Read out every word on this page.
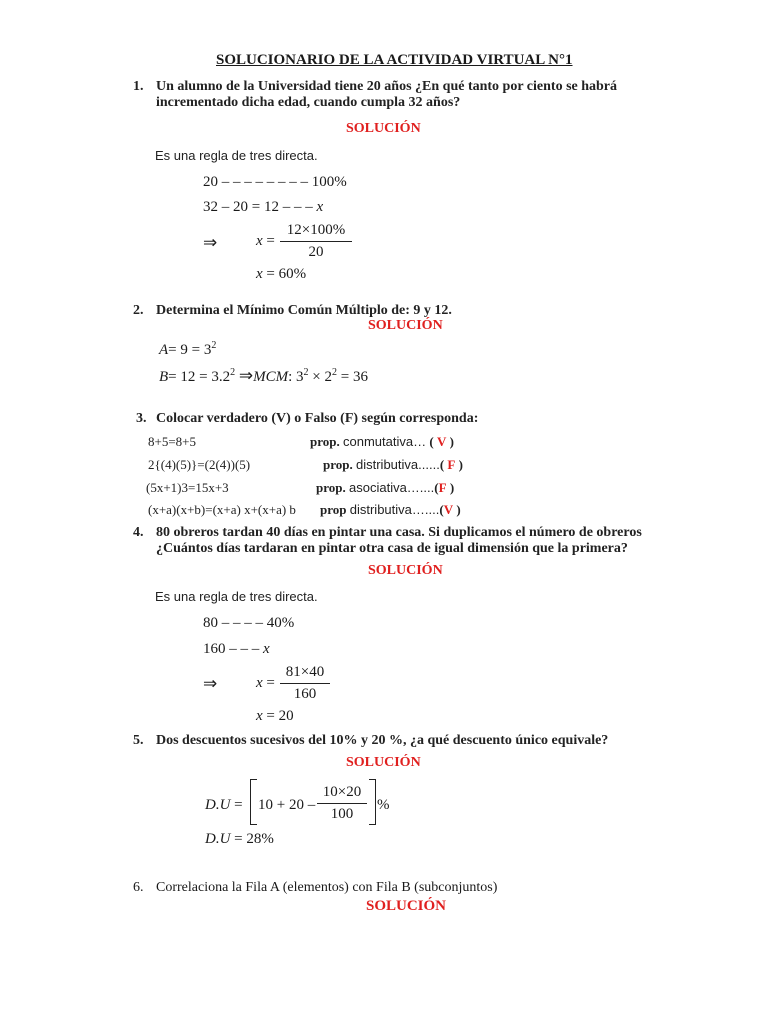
SOLUCIONARIO DE LA ACTIVIDAD VIRTUAL N°1
1. Un alumno de la Universidad tiene 20 años ¿En qué tanto por ciento se habrá
incrementado dicha edad, cuando cumpla 32 años?
SOLUCIÓN
Es una regla de tres directa.
20 – – – – – – – – 100%
32 – 20 = 12 – – – x
⇒	x =
12×100%
20
x = 60%
2. Determina el Mínimo Común Múltiplo de: 9 y 12.
SOLUCIÓN
$A= 9 = 3^2$
$B= 12 = 3.2^2$ ⇒MCM: $3^2 \times 2^2 = 36$
3. Colocar verdadero (V) o Falso (F) según corresponda:
8+5=8+5	prop. conmutativa… ( V )
2{(4)(5)}=(2(4))(5)	prop. distributiva......( F )
(5x+1)3=15x+3	prop. asociativa…....(F )
(x+a)(x+b)=(x+a) x+(x+a) b prop distributiva…....(V )
4. 80 obreros tardan 40 días en pintar una casa. Si duplicamos el número de obreros
¿Cuántos días tardaran en pintar otra casa de igual dimensión que la primera?
SOLUCIÓN
Es una regla de tres directa.
80 – – – – 40%
160 – – – x
⇒	x =
81×40
160
x = 20
5. Dos descuentos sucesivos del 10% y 20 %, ¿a qué descuento único equivale?
SOLUCIÓN
D.U = 10 + 20 –
10×20
100
%
D.U = 28%
6. Correlaciona la Fila A (elementos) con Fila B (subconjuntos)
SOLUCIÓN
